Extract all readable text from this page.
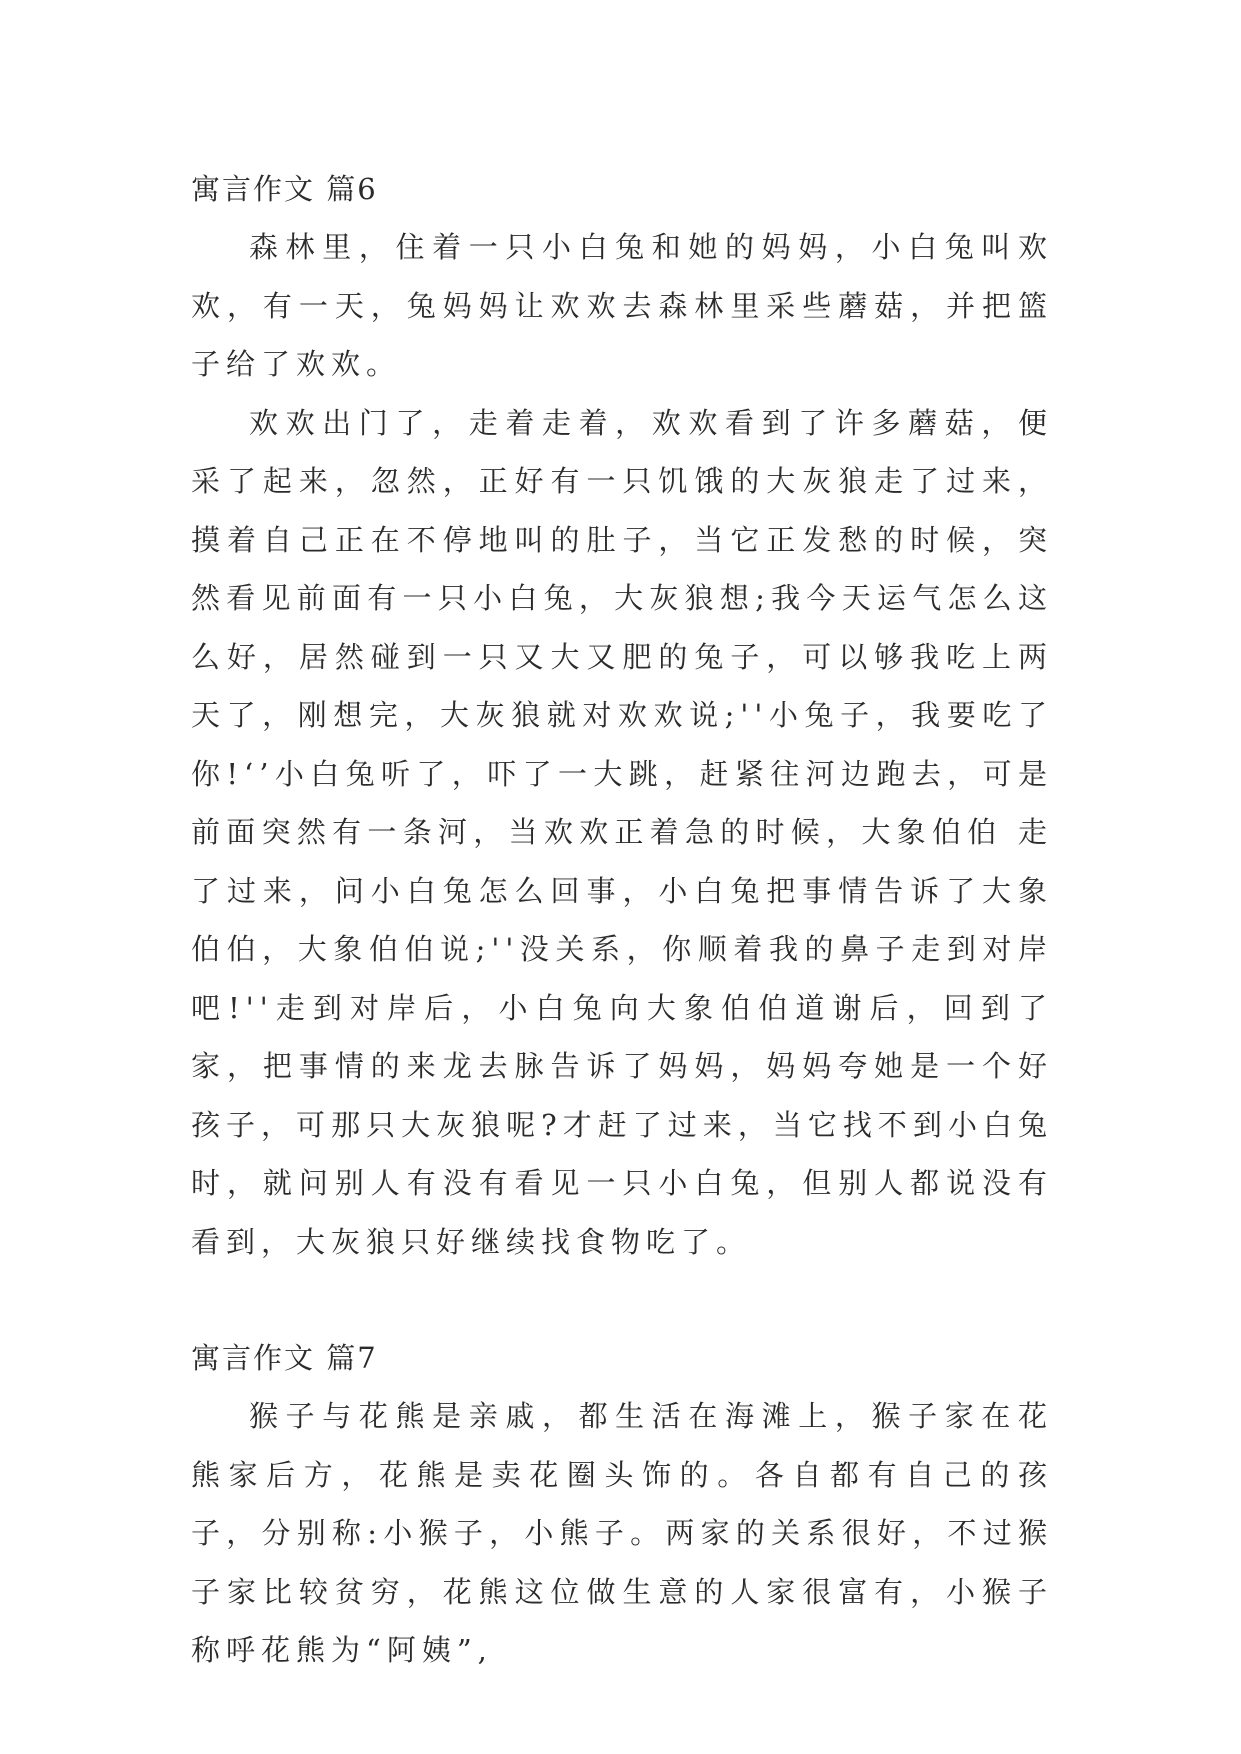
寓言作文 篇6

森林里，住着一只小白兔和她的妈妈，小白兔叫欢欢，有一天，兔妈妈让欢欢去森林里采些蘑菇，并把篮子给了欢欢。

欢欢出门了，走着走着，欢欢看到了许多蘑菇，便采了起来，忽然，正好有一只饥饿的大灰狼走了过来，摸着自己正在不停地叫的肚子，当它正发愁的时候，突然看见前面有一只小白兔，大灰狼想;我今天运气怎么这么好，居然碰到一只又大又肥的兔子，可以够我吃上两天了，刚想完，大灰狼就对欢欢说;''小兔子，我要吃了你!‘’小白兔听了，吓了一大跳，赶紧往河边跑去，可是前面突然有一条河，当欢欢正着急的时候，大象伯伯 走了过来，问小白兔怎么回事，小白兔把事情告诉了大象伯伯，大象伯伯说;''没关系，你顺着我的鼻子走到对岸吧!''走到对岸后，小白兔向大象伯伯道谢后，回到了家，把事情的来龙去脉告诉了妈妈，妈妈夸她是一个好孩子，可那只大灰狼呢?才赶了过来，当它找不到小白兔时，就问别人有没有看见一只小白兔，但别人都说没有看到，大灰狼只好继续找食物吃了。

寓言作文 篇7

猴子与花熊是亲戚，都生活在海滩上，猴子家在花熊家后方，花熊是卖花圈头饰的。各自都有自己的孩子，分别称:小猴子，小熊子。两家的关系很好，不过猴子家比较贫穷，花熊这位做生意的人家很富有，小猴子称呼花熊为“阿姨”,
